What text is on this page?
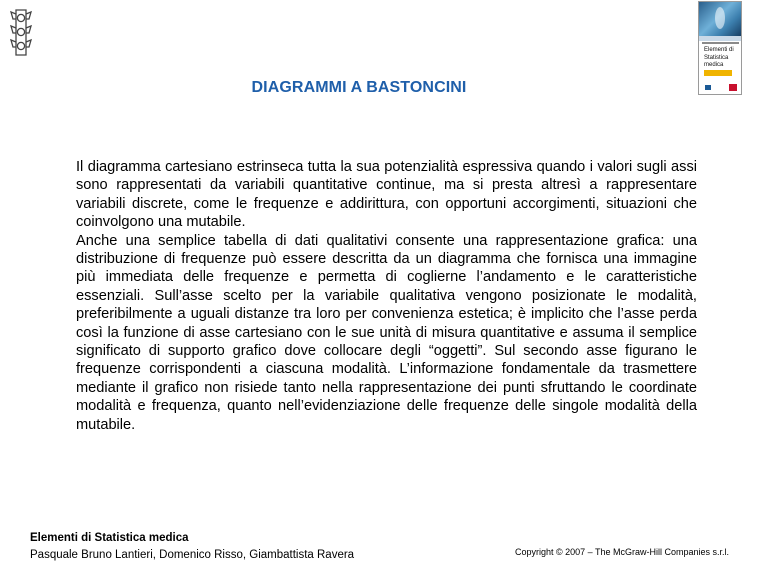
Elementi di
Statistica
medica
DIAGRAMMI A BASTONCINI

Il diagramma cartesiano estrinseca tutta la sua potenzialità espressiva quando i valori sugli assi sono rappresentati da variabili quantitative continue, ma si presta altresì a rappresentare variabili discrete, come le frequenze e addirittura, con opportuni accorgimenti, situazioni che coinvolgono una mutabile.

Anche una semplice tabella di dati qualitativi consente una rappresentazione grafica: una distribuzione di frequenze può essere descritta da un diagramma che fornisca una immagine più immediata delle frequenze e permetta di coglierne l’andamento e le caratteristiche essenziali. Sull’asse scelto per la variabile qualitativa vengono posizionate le modalità, preferibilmente a uguali distanze tra loro per convenienza estetica; è implicito che l’asse perda così la funzione di asse cartesiano con le sue unità di misura quantitative e assuma il semplice significato di supporto grafico dove collocare degli “oggetti”. Sul secondo asse figurano le frequenze corrispondenti a ciascuna modalità. L’informazione fondamentale da trasmettere mediante il grafico non risiede tanto nella rappresentazione dei punti sfruttando le coordinate modalità e frequenza, quanto nell’evidenziazione delle frequenze delle singole modalità della mutabile.

Elementi di Statistica medica
Pasquale Bruno Lantieri, Domenico Risso, Giambattista Ravera	Copyright © 2007 – The McGraw-Hill Companies s.r.l.
